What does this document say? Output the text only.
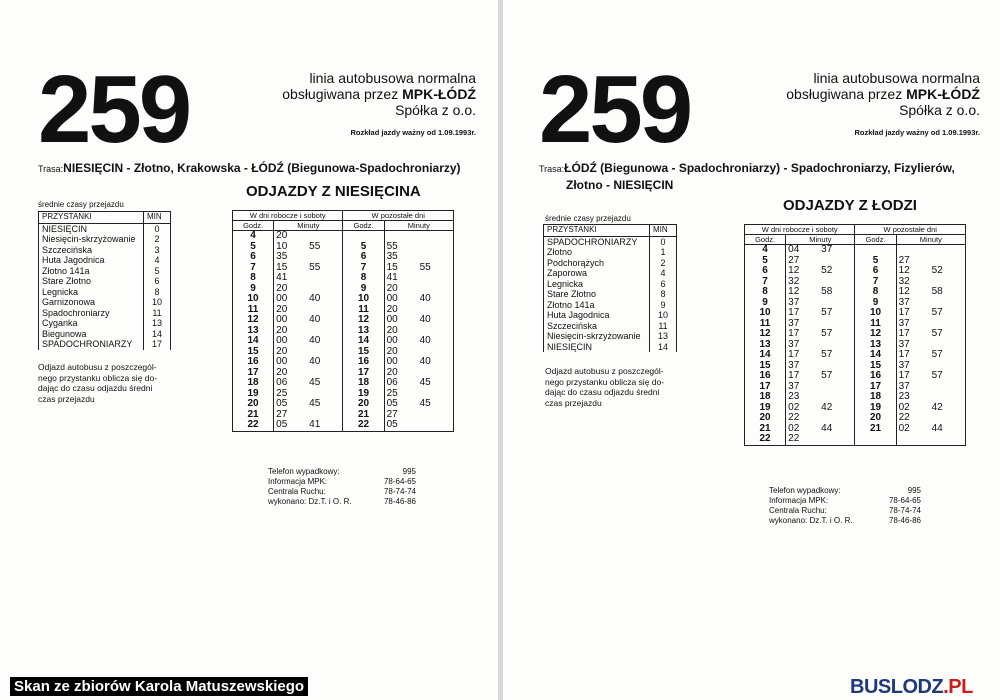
259	linia autobusowa normalna
obsługiwana przez MPK-ŁÓDŹ
Spółka z o.o.
Rozkład jazdy ważny od 1.09.1993r.
Trasa:NIESIĘCIN - Złotno, Krakowska - ŁÓDŹ (Biegunowa-Spadochroniarzy)
ODJAZDY Z NIESIĘCINA
średnie czasy przejazdu
PRZYSTANKI	MIN
NIESIĘCIN	0
Niesięcin-skrzyżowanie	2
Szczecińska	3
Huta Jagodnica	4
Złotno 141a	5
Stare Złotno	6
Legnicka	8
Garnizonowa	10
Spadochroniarzy	11
Cyganka	13
Biegunowa	14
SPADOCHRONIARZY	17
W dni robocze i soboty			W pozostałe dni		
Godz.	Minuty		Godz.	Minuty	
4	20				
5	10	55	5	55	
6	35		6	35	
7	15	55	7	15	55
8	41		8	41	
9	20		9	20	
10	00	40	10	00	40
11	20		11	20	
12	00	40	12	00	40
13	20		13	20	
14	00	40	14	00	40
15	20		15	20	
16	00	40	16	00	40
17	20		17	20	
18	06	45	18	06	45
19	25		19	25	
20	05	45	20	05	45
21	27		21	27	
22	05	41	22	05	
Odjazd autobusu z poszczegól-
nego przystanku oblicza się do-
dając do czasu odjazdu średni
czas przejazdu
Telefon wypadkowy:	995
Informacja MPK:	78-64-65
Centrala Ruchu:	78-74-74
wykonano: Dz.T. i O. R.	78-46-86
259	linia autobusowa normalna
obsługiwana przez MPK-ŁÓDŹ
Spółka z o.o.
Rozkład jazdy ważny od 1.09.1993r.
Trasa:ŁÓDŹ (Biegunowa - Spadochroniarzy) - Spadochroniarzy, Fizylierów,
Złotno - NIESIĘCIN
ODJAZDY Z ŁODZI
średnie czasy przejazdu
PRZYSTANKI	MIN
SPADOCHRONIARZY	0
Złotno	1
Podchorążych	2
Zaporowa	4
Legnicka	6
Stare Złotno	8
Złotno 141a	9
Huta Jagodnica	10
Szczecińska	11
Niesięcin-skrzyżowanie	13
NIESIĘCIN	14
W dni robocze i soboty			W pozostałe dni		
Godz.	Minuty		Godz.	Minuty	
4	04	37			
5	27		5	27	
6	12	52	6	12	52
7	32		7	32	
8	12	58	8	12	58
9	37		9	37	
10	17	57	10	17	57
11	37		11	37	
12	17	57	12	17	57
13	37		13	37	
14	17	57	14	17	57
15	37		15	37	
16	17	57	16	17	57
17	37		17	37	
18	23		18	23	
19	02	42	19	02	42
20	22		20	22	
21	02	44	21	02	44
22	22				
Odjazd autobusu z poszczegól-
nego przystanku oblicza się do-
dając do czasu odjazdu średni
czas przejazdu
Telefon wypadkowy:	995
Informacja MPK:	78-64-65
Centrala Ruchu:	78-74-74
wykonano: Dz.T. i O. R.	78-46-86
Skan ze zbiorów Karola Matuszewskiego	BUSLODZ.PL
